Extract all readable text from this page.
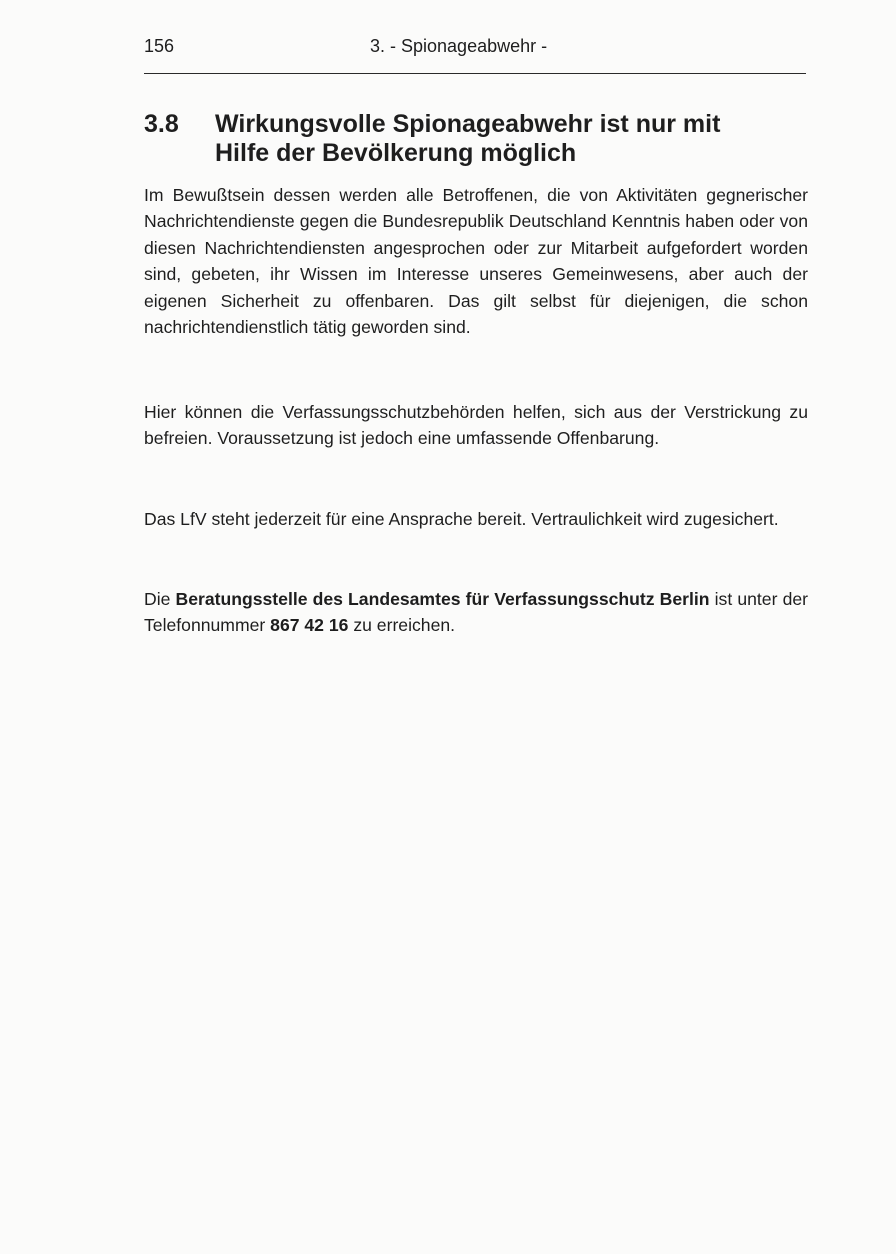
156	3. - Spionageabwehr -
3.8 Wirkungsvolle Spionageabwehr ist nur mit Hilfe der Bevölkerung möglich

Im Bewußtsein dessen werden alle Betroffenen, die von Aktivitäten gegnerischer Nachrichtendienste gegen die Bundesrepublik Deutschland Kenntnis haben oder von diesen Nachrichtendiensten angesprochen oder zur Mitarbeit aufgefordert worden sind, gebeten, ihr Wissen im Interesse unseres Gemeinwesens, aber auch der eigenen Sicherheit zu offenbaren. Das gilt selbst für diejenigen, die schon nachrichtendienstlich tätig geworden sind.

Hier können die Verfassungsschutzbehörden helfen, sich aus der Verstrickung zu befreien. Voraussetzung ist jedoch eine umfassende Offenbarung.

Das LfV steht jederzeit für eine Ansprache bereit. Vertraulichkeit wird zugesichert.

Die Beratungsstelle des Landesamtes für Verfassungsschutz Berlin ist unter der Telefonnummer 867 42 16 zu erreichen.
